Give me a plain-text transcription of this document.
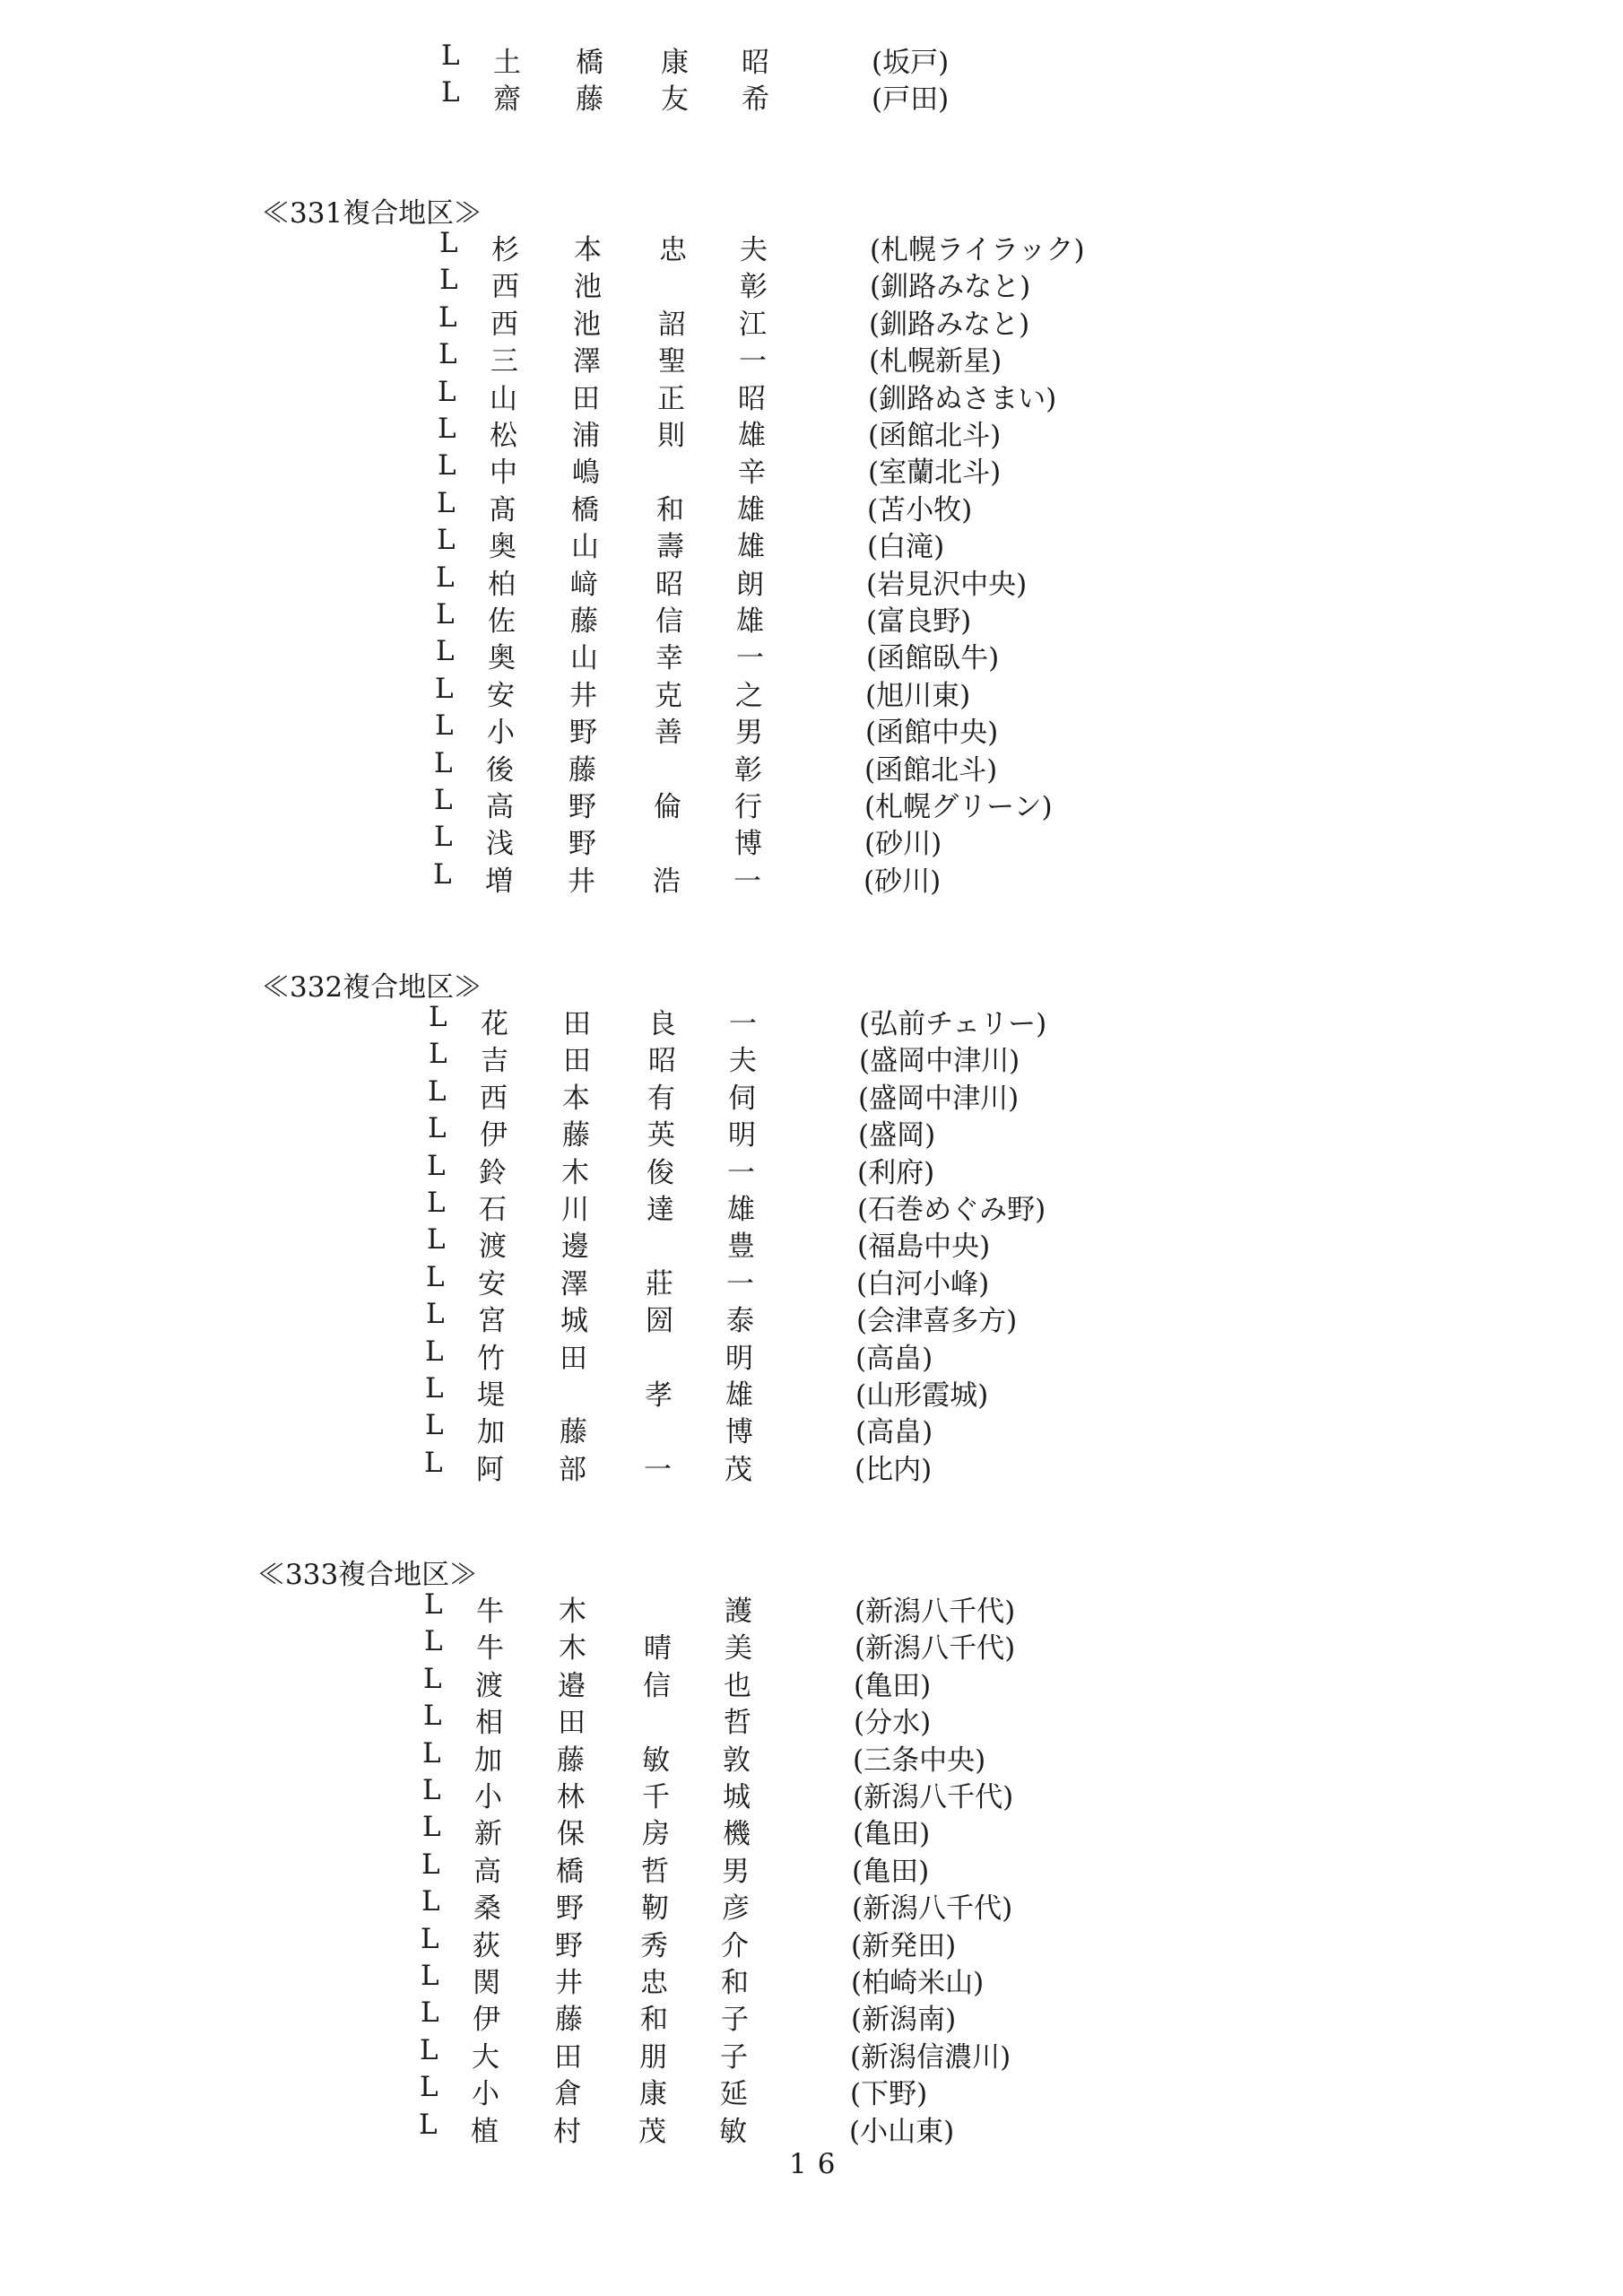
L 土 橋 康 昭	(坂戸)
L 齋 藤 友 希	(戸田)
≪331複合地区≫
L 杉 本 忠 夫	(札幌ライラック)
L 西 池	彰	(釧路みなと)
L 西 池 詔 江	(釧路みなと)
L 三 澤 聖 一	(札幌新星)
L 山 田 正 昭	(釧路ぬさまい)
L 松 浦 則 雄	(函館北斗)
L 中 嶋	辛	(室蘭北斗)
L 髙 橋 和 雄	(苫小牧)
L 奥 山 壽 雄	(白滝)
L 柏 﨑 昭 朗	(岩見沢中央)
L 佐 藤 信 雄	(富良野)
L 奥 山 幸 一	(函館臥牛)
L 安 井 克 之	(旭川東)
L 小 野 善 男	(函館中央)
L 後 藤	彰	(函館北斗)
L 高 野 倫 行	(札幌グリーン)
L 浅 野	博	(砂川)
L 増 井 浩 一	(砂川)
≪332複合地区≫
L 花 田 良 一	(弘前チェリー)
L 吉 田 昭 夫	(盛岡中津川)
L 西 本 有 伺	(盛岡中津川)
L 伊 藤 英 明	(盛岡)
L 鈴 木 俊 一	(利府)
L 石 川 達 雄	(石巻めぐみ野)
L 渡 邊	豊	(福島中央)
L 安 澤 莊 一	(白河小峰)
L 宮 城 圀 泰	(会津喜多方)
L 竹 田	明	(高畠)
L 堤	孝 雄	(山形霞城)
L 加 藤	博	(高畠)
L 阿 部 一 茂	(比内)
≪333複合地区≫
L 牛 木	護	(新潟八千代)
L 牛 木 晴 美	(新潟八千代)
L 渡 邉 信 也	(亀田)
L 相 田	哲	(分水)
L 加 藤 敏 敦	(三条中央)
L 小 林 千 城	(新潟八千代)
L 新 保 房 機	(亀田)
L 高 橋 哲 男	(亀田)
L 桑 野 靭 彦	(新潟八千代)
L 荻 野 秀 介	(新発田)
L 関 井 忠 和	(柏崎米山)
L 伊 藤 和 子	(新潟南)
L 大 田 朋 子	(新潟信濃川)
L 小 倉 康 延	(下野)
L 植 村 茂 敏	(小山東)
16
